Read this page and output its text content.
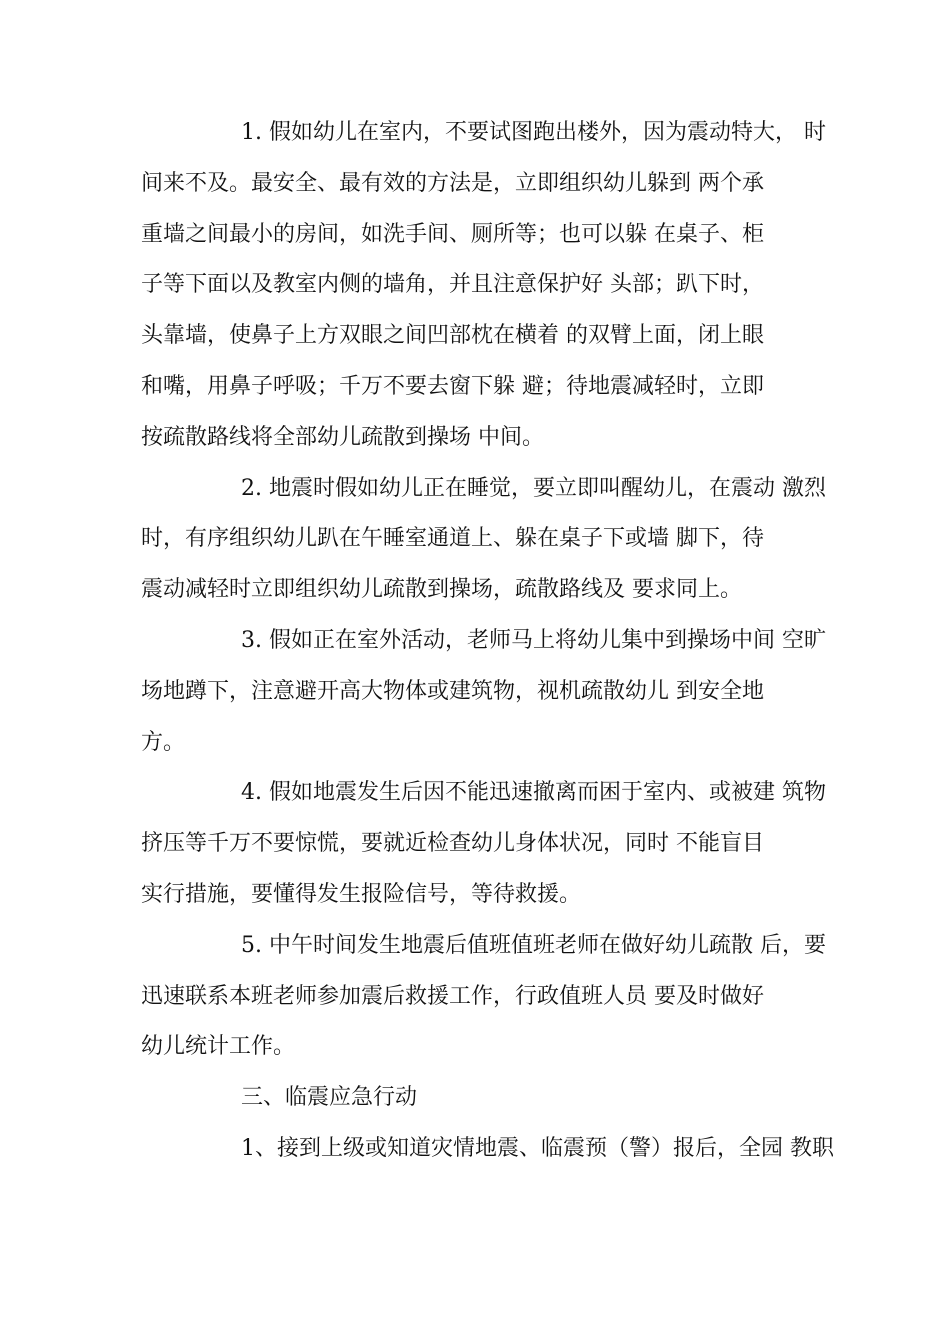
1. 假如幼儿在室内，不要试图跑出楼外，因为震动特大， 时
间来不及。最安全、最有效的方法是，立即组织幼儿躲到 两个承
重墙之间最小的房间，如洗手间、厕所等；也可以躲 在桌子、柜
子等下面以及教室内侧的墙角，并且注意保护好 头部；趴下时，
头靠墙，使鼻子上方双眼之间凹部枕在横着 的双臂上面，闭上眼
和嘴，用鼻子呼吸；千万不要去窗下躲 避；待地震减轻时，立即
按疏散路线将全部幼儿疏散到操场 中间。

2. 地震时假如幼儿正在睡觉，要立即叫醒幼儿，在震动 激烈
时，有序组织幼儿趴在午睡室通道上、躲在桌子下或墙 脚下，待
震动减轻时立即组织幼儿疏散到操场，疏散路线及 要求同上。

3. 假如正在室外活动，老师马上将幼儿集中到操场中间 空旷
场地蹲下，注意避开高大物体或建筑物，视机疏散幼儿 到安全地
方。

4. 假如地震发生后因不能迅速撤离而困于室内、或被建 筑物
挤压等千万不要惊慌，要就近检查幼儿身体状况，同时 不能盲目
实行措施，要懂得发生报险信号，等待救援。

5. 中午时间发生地震后值班值班老师在做好幼儿疏散 后，要
迅速联系本班老师参加震后救援工作，行政值班人员 要及时做好
幼儿统计工作。

三、临震应急行动

1、接到上级或知道灾情地震、临震预（警）报后，全园 教职
